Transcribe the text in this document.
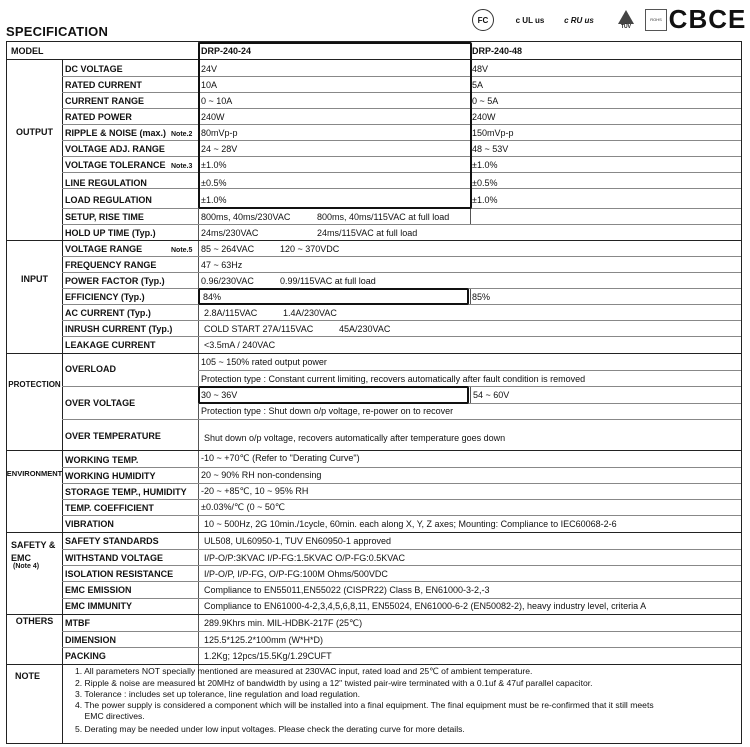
SPECIFICATION
FC	c UL us c RU us
TÜV
ROHS CBCE
MODEL	DRP-240-24	DRP-240-48
OUTPUT
DC VOLTAGE	24V	48V
RATED CURRENT	10A	5A
CURRENT RANGE	0 ~ 10A	0 ~ 5A
RATED POWER	240W	240W
RIPPLE & NOISE (max.) Note.2 80mVp-p	150mVp-p
VOLTAGE ADJ. RANGE	24 ~ 28V	48 ~ 53V
VOLTAGE TOLERANCE Note.3 ±1.0%	±1.0%
LINE REGULATION	±0.5%	±0.5%
LOAD REGULATION	±1.0%	±1.0%
SETUP, RISE TIME	800ms, 40ms/230VAC	800ms, 40ms/115VAC at full load
HOLD UP TIME (Typ.)	24ms/230VAC	24ms/115VAC at full load
INPUT
VOLTAGE RANGE	Note.5 85 ~ 264VAC	120 ~ 370VDC
FREQUENCY RANGE	47 ~ 63Hz
POWER FACTOR (Typ.)	0.96/230VAC	0.99/115VAC at full load
EFFICIENCY (Typ.)	84%	85%
AC CURRENT (Typ.)	2.8A/115VAC	1.4A/230VAC
INRUSH CURRENT (Typ.)	COLD START 27A/115VAC	45A/230VAC
LEAKAGE CURRENT	<3.5mA / 240VAC
PROTECTION
OVERLOAD
105 ~ 150% rated output power
Protection type : Constant current limiting, recovers automatically after fault condition is removed
OVER VOLTAGE
30 ~ 36V	54 ~ 60V
Protection type : Shut down o/p voltage, re-power on to recover
OVER TEMPERATURE	Shut down o/p voltage, recovers automatically after temperature goes down
ENVIRONMENT
WORKING TEMP.	-10 ~ +70℃ (Refer to "Derating Curve")
WORKING HUMIDITY	20 ~ 90% RH non-condensing
STORAGE TEMP., HUMIDITY -20 ~ +85℃, 10 ~ 95% RH
TEMP. COEFFICIENT	±0.03%/℃ (0 ~ 50℃
VIBRATION	10 ~ 500Hz, 2G 10min./1cycle, 60min. each along X, Y, Z axes; Mounting: Compliance to IEC60068-2-6
SAFETY &
EMC
(Note 4)
SAFETY STANDARDS	UL508, UL60950-1, TUV EN60950-1 approved
WITHSTAND VOLTAGE	I/P-O/P:3KVAC I/P-FG:1.5KVAC O/P-FG:0.5KVAC
ISOLATION RESISTANCE	I/P-O/P, I/P-FG, O/P-FG:100M Ohms/500VDC
EMC EMISSION	Compliance to EN55011,EN55022 (CISPR22) Class B, EN61000-3-2,-3
EMC IMMUNITY	Compliance to EN61000-4-2,3,4,5,6,8,11, EN55024, EN61000-6-2 (EN50082-2), heavy industry level, criteria A
OTHERS	MTBF	289.9Khrs min. MIL-HDBK-217F (25℃)
DIMENSION	125.5*125.2*100mm (W*H*D)
PACKING	1.2Kg; 12pcs/15.5Kg/1.29CUFT
NOTE	1. All parameters NOT specially mentioned are measured at 230VAC input, rated load and 25℃ of ambient temperature.
2. Ripple & noise are measured at 20MHz of bandwidth by using a 12" twisted pair-wire terminated with a 0.1uf & 47uf parallel capacitor.
3. Tolerance : includes set up tolerance, line regulation and load regulation.
4. The power supply is considered a component which will be installed into a final equipment. The final equipment must be re-confirmed that it still meets
EMC directives.
5. Derating may be needed under low input voltages. Please check the derating curve for more details.
